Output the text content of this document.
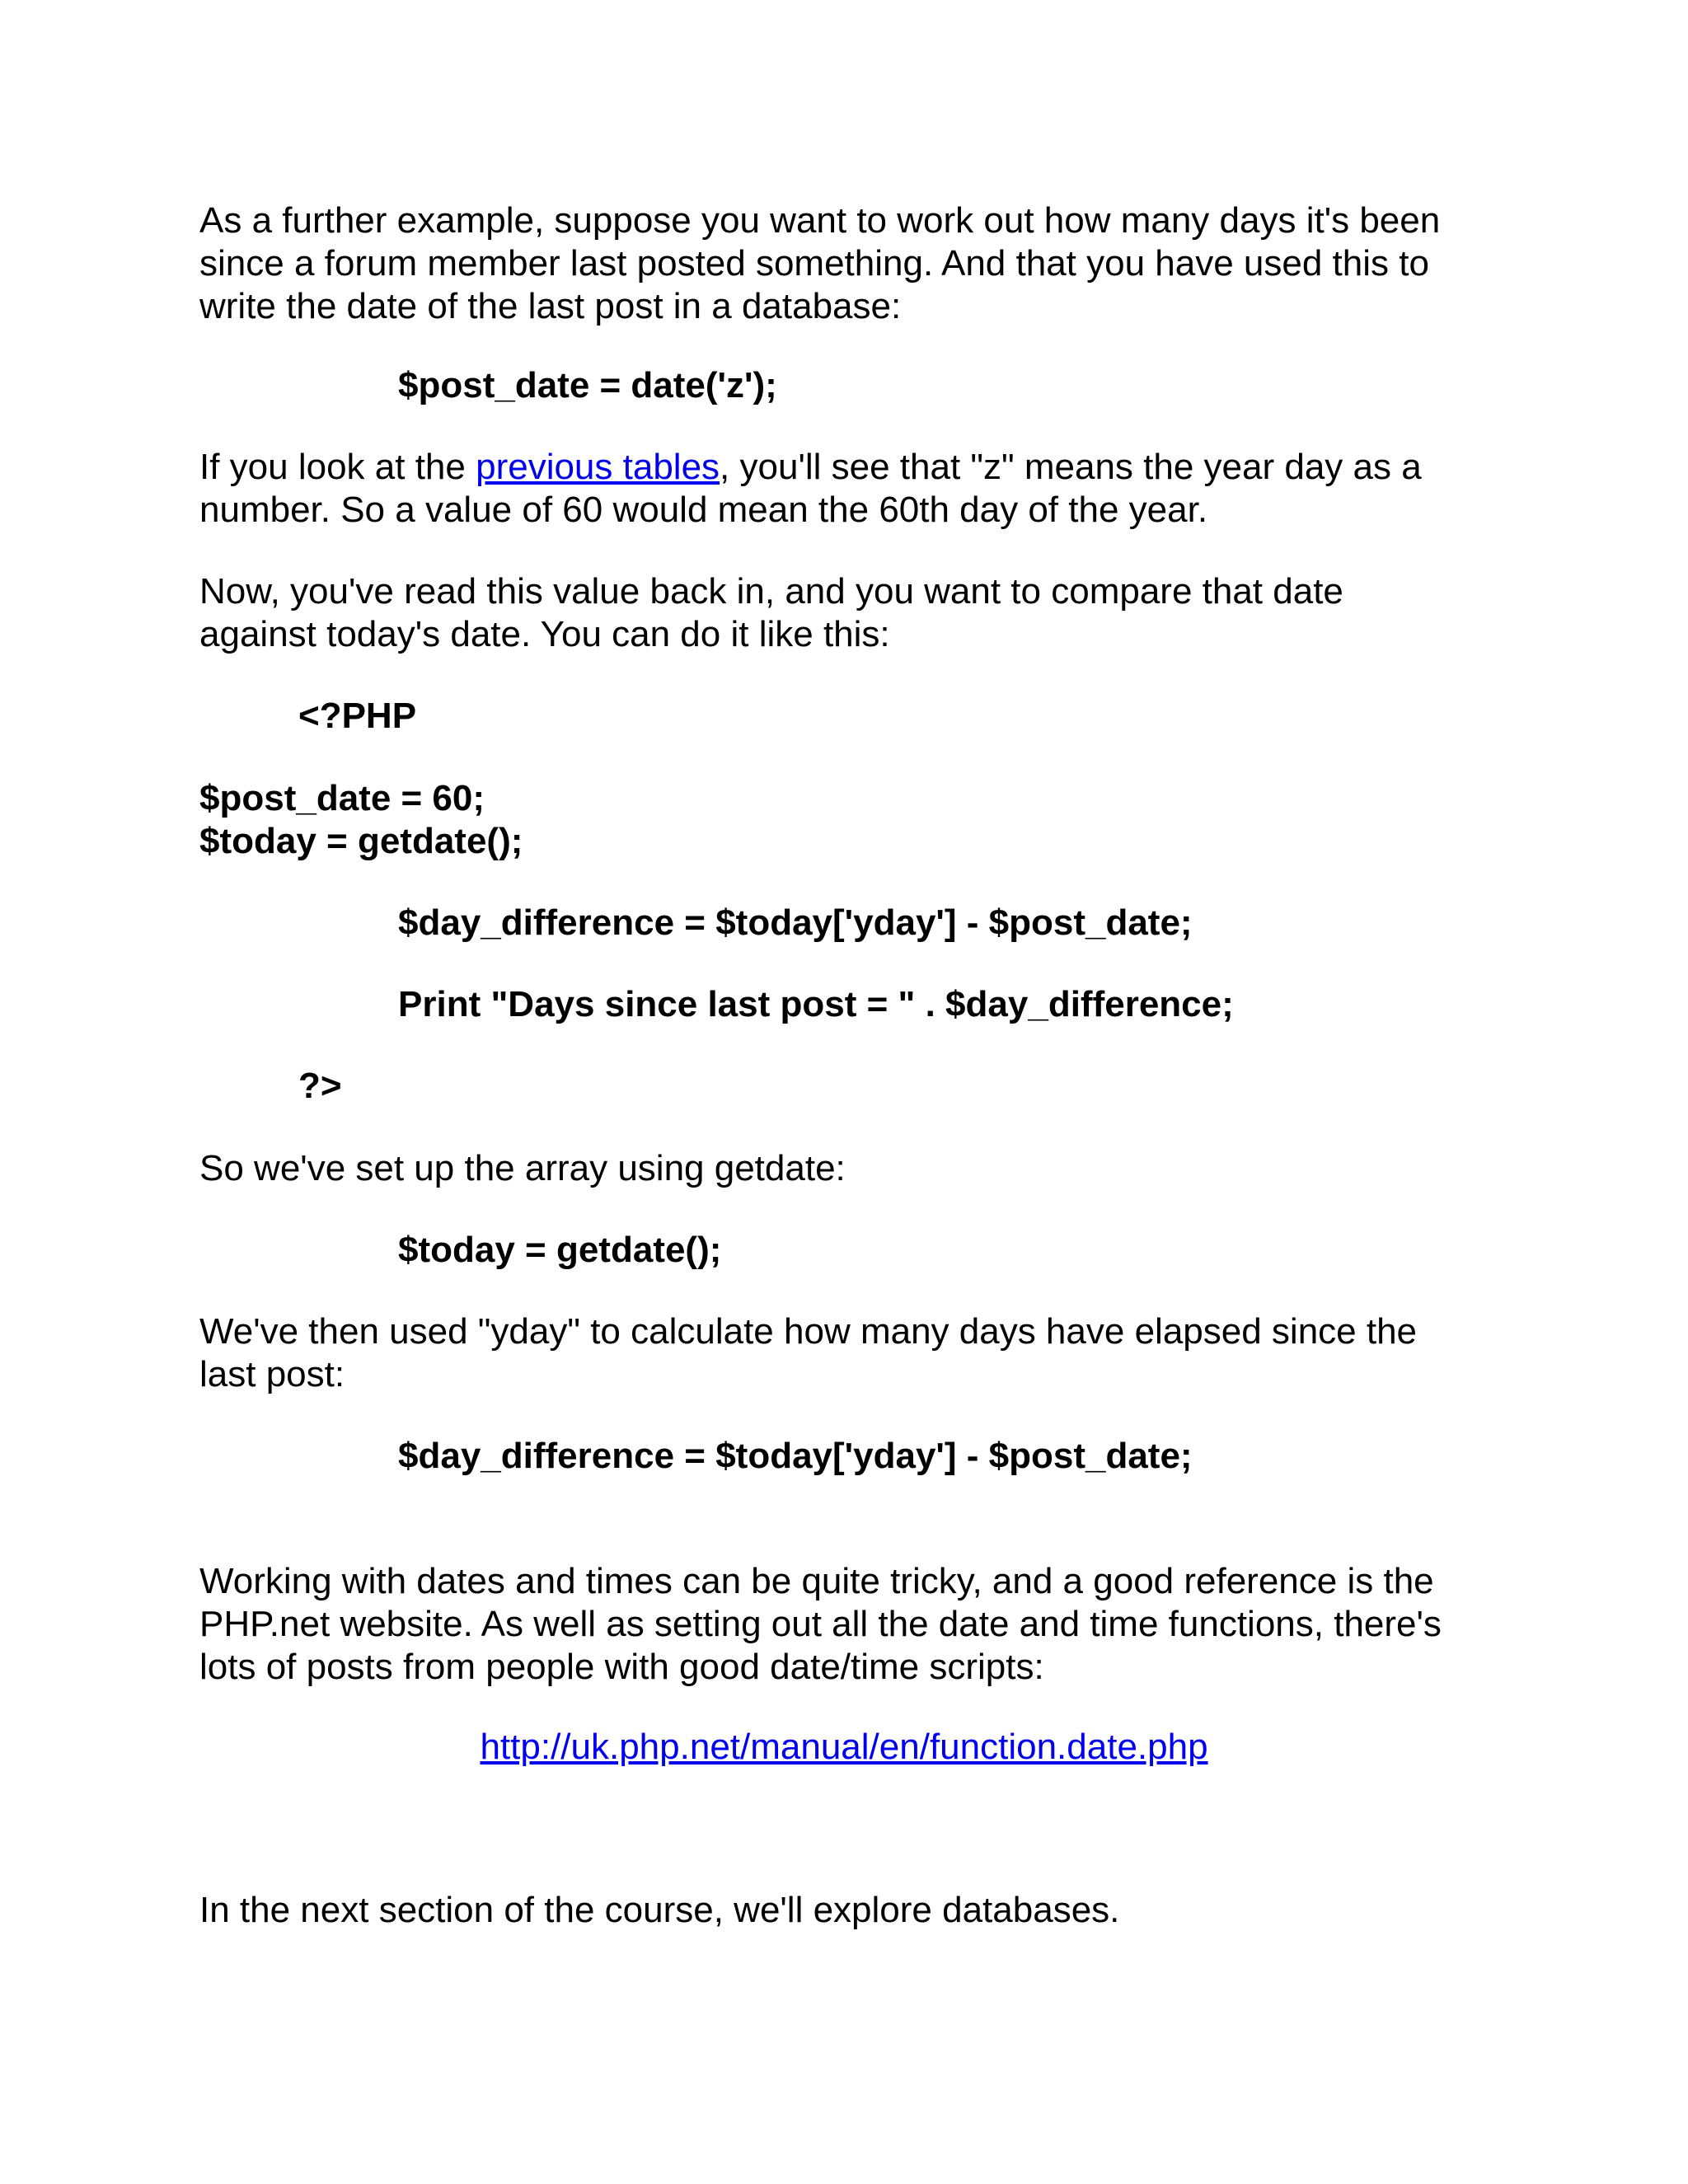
As a further example, suppose you want to work out how many days it's been
since a forum member last posted something. And that you have used this to
write the date of the last post in a database:

$post_date = date('z');

If you look at the previous tables, you'll see that "z" means the year day as a
number. So a value of 60 would mean the 60th day of the year.

Now, you've read this value back in, and you want to compare that date
against today's date. You can do it like this:

<?PHP

$post_date = 60;
$today = getdate();

$day_difference = $today['yday'] - $post_date;

Print "Days since last post = " . $day_difference;

?>

So we've set up the array using getdate:

$today = getdate();

We've then used "yday" to calculate how many days have elapsed since the
last post:

$day_difference = $today['yday'] - $post_date;

Working with dates and times can be quite tricky, and a good reference is the
PHP.net website. As well as setting out all the date and time functions, there's
lots of posts from people with good date/time scripts:

http://uk.php.net/manual/en/function.date.php

In the next section of the course, we'll explore databases.
